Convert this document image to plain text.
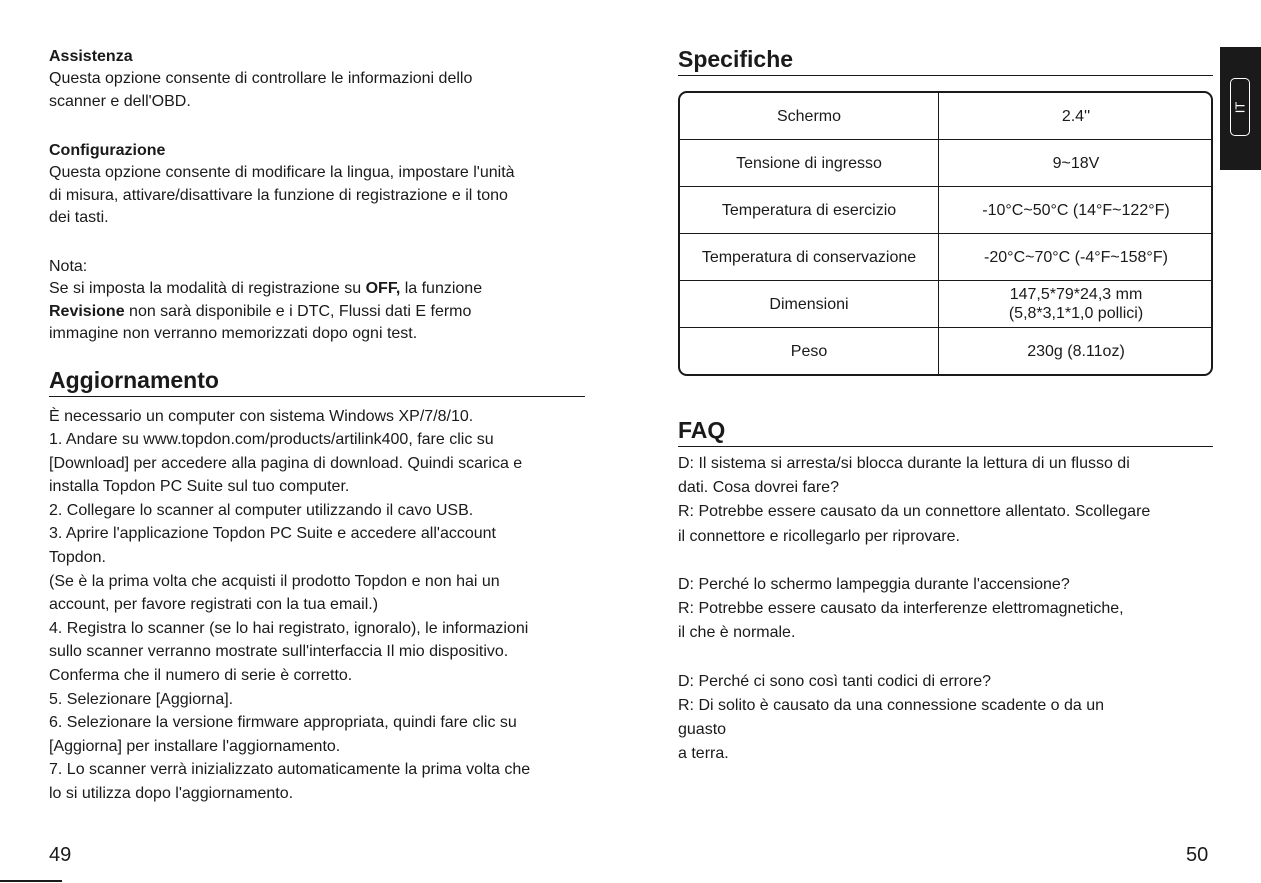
Assistenza

Questa opzione consente di controllare le informazioni dello

scanner e dell'OBD.

Configurazione

Questa opzione consente di modificare la lingua, impostare l'unità

di misura, attivare/disattivare la funzione di registrazione e il tono

dei tasti.

Nota:

Se si imposta la modalità di registrazione su OFF, la funzione

Revisione non sarà disponibile e i DTC, Flussi dati E fermo

immagine non verranno memorizzati dopo ogni test.

Aggiornamento

È necessario un computer con sistema Windows XP/7/8/10.

1. Andare su www.topdon.com/products/artilink400, fare clic su

[Download] per accedere alla pagina di download. Quindi scarica e

installa Topdon PC Suite sul tuo computer.

2. Collegare lo scanner al computer utilizzando il cavo USB.

3. Aprire l'applicazione Topdon PC Suite e accedere all'account

Topdon.

(Se è la prima volta che acquisti il prodotto Topdon e non hai un

account, per favore registrati con la tua email.)

4. Registra lo scanner (se lo hai registrato, ignoralo), le informazioni

sullo scanner verranno mostrate sull'interfaccia Il mio dispositivo.

Conferma che il numero di serie è corretto.

5. Selezionare [Aggiorna].

6. Selezionare la versione firmware appropriata, quindi fare clic su

[Aggiorna] per installare l'aggiornamento.

7. Lo scanner verrà inizializzato automaticamente la prima volta che

lo si utilizza dopo l'aggiornamento.

49

Specifiche

Schermo	2.4''
Tensione di ingresso	9~18V
Temperatura di esercizio	-10°C~50°C (14°F~122°F)
Temperatura di conservazione	-20°C~70°C (-4°F~158°F)
Dimensioni	147,5*79*24,3 mm
(5,8*3,1*1,0 pollici)

Peso	230g (8.11oz)

FAQ

D: Il sistema si arresta/si blocca durante la lettura di un flusso di

dati. Cosa dovrei fare?

R: Potrebbe essere causato da un connettore allentato. Scollegare

il connettore e ricollegarlo per riprovare.

D: Perché lo schermo lampeggia durante l'accensione?

R: Potrebbe essere causato da interferenze elettromagnetiche,

il che è normale.

D: Perché ci sono così tanti codici di errore?

R: Di solito è causato da una connessione scadente o da un

guasto

a terra.

50
IT
